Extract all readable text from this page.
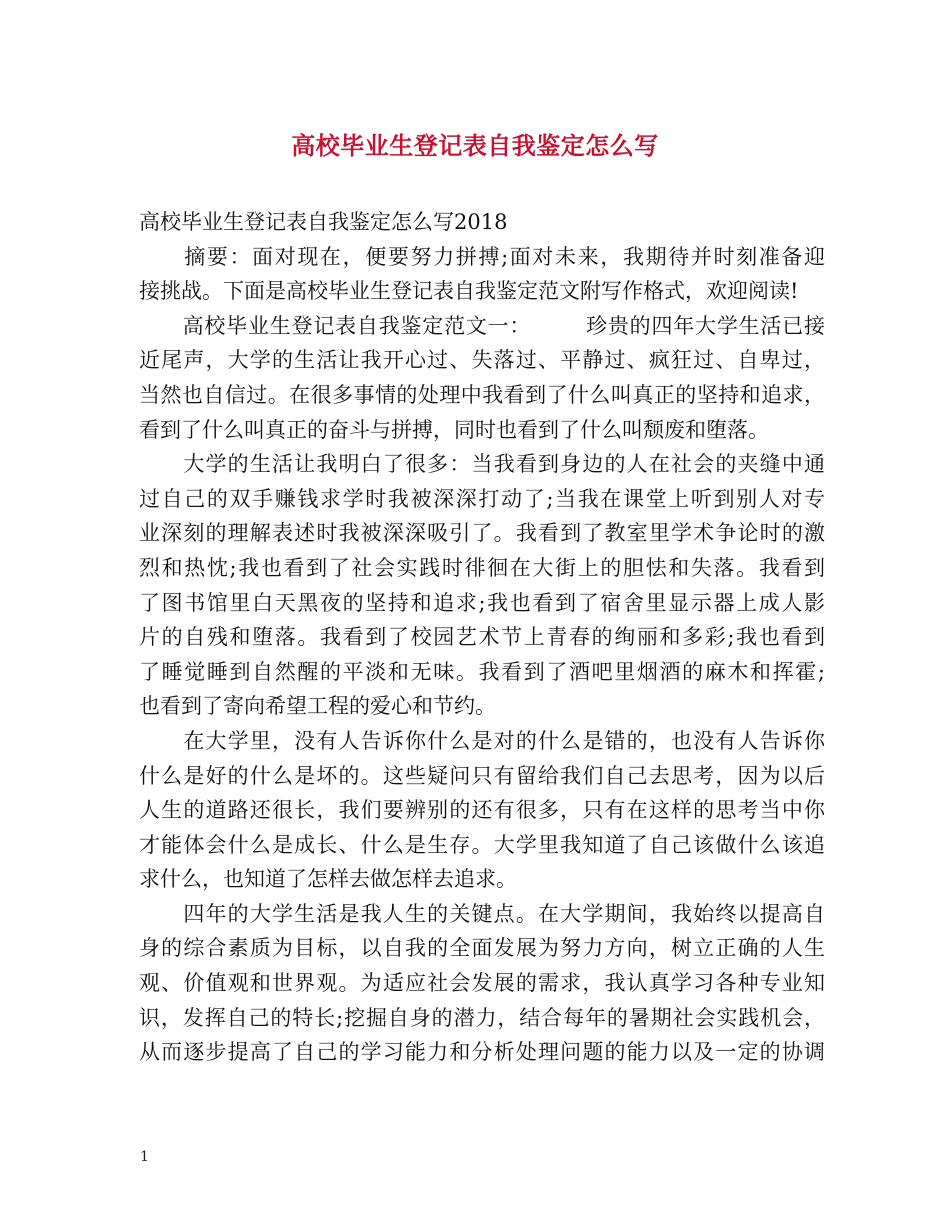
高校毕业生登记表自我鉴定怎么写
高校毕业生登记表自我鉴定怎么写2018
　　摘要：面对现在，便要努力拼搏;面对未来，我期待并时刻准备迎
接挑战。下面是高校毕业生登记表自我鉴定范文附写作格式，欢迎阅读!
　　高校毕业生登记表自我鉴定范文一：　　　珍贵的四年大学生活已接
近尾声，大学的生活让我开心过、失落过、平静过、疯狂过、自卑过，
当然也自信过。在很多事情的处理中我看到了什么叫真正的坚持和追求，
看到了什么叫真正的奋斗与拼搏，同时也看到了什么叫颓废和堕落。
　　大学的生活让我明白了很多：当我看到身边的人在社会的夹缝中通
过自己的双手赚钱求学时我被深深打动了;当我在课堂上听到别人对专
业深刻的理解表述时我被深深吸引了。我看到了教室里学术争论时的激
烈和热忱;我也看到了社会实践时徘徊在大街上的胆怯和失落。我看到
了图书馆里白天黑夜的坚持和追求;我也看到了宿舍里显示器上成人影
片的自残和堕落。我看到了校园艺术节上青春的绚丽和多彩;我也看到
了睡觉睡到自然醒的平淡和无味。我看到了酒吧里烟酒的麻木和挥霍;
也看到了寄向希望工程的爱心和节约。
　　在大学里，没有人告诉你什么是对的什么是错的，也没有人告诉你
什么是好的什么是坏的。这些疑问只有留给我们自己去思考，因为以后
人生的道路还很长，我们要辨别的还有很多，只有在这样的思考当中你
才能体会什么是成长、什么是生存。大学里我知道了自己该做什么该追
求什么，也知道了怎样去做怎样去追求。
　　四年的大学生活是我人生的关键点。在大学期间，我始终以提高自
身的综合素质为目标，以自我的全面发展为努力方向，树立正确的人生
观、价值观和世界观。为适应社会发展的需求，我认真学习各种专业知
识，发挥自己的特长;挖掘自身的潜力，结合每年的暑期社会实践机会，
从而逐步提高了自己的学习能力和分析处理问题的能力以及一定的协调
1
